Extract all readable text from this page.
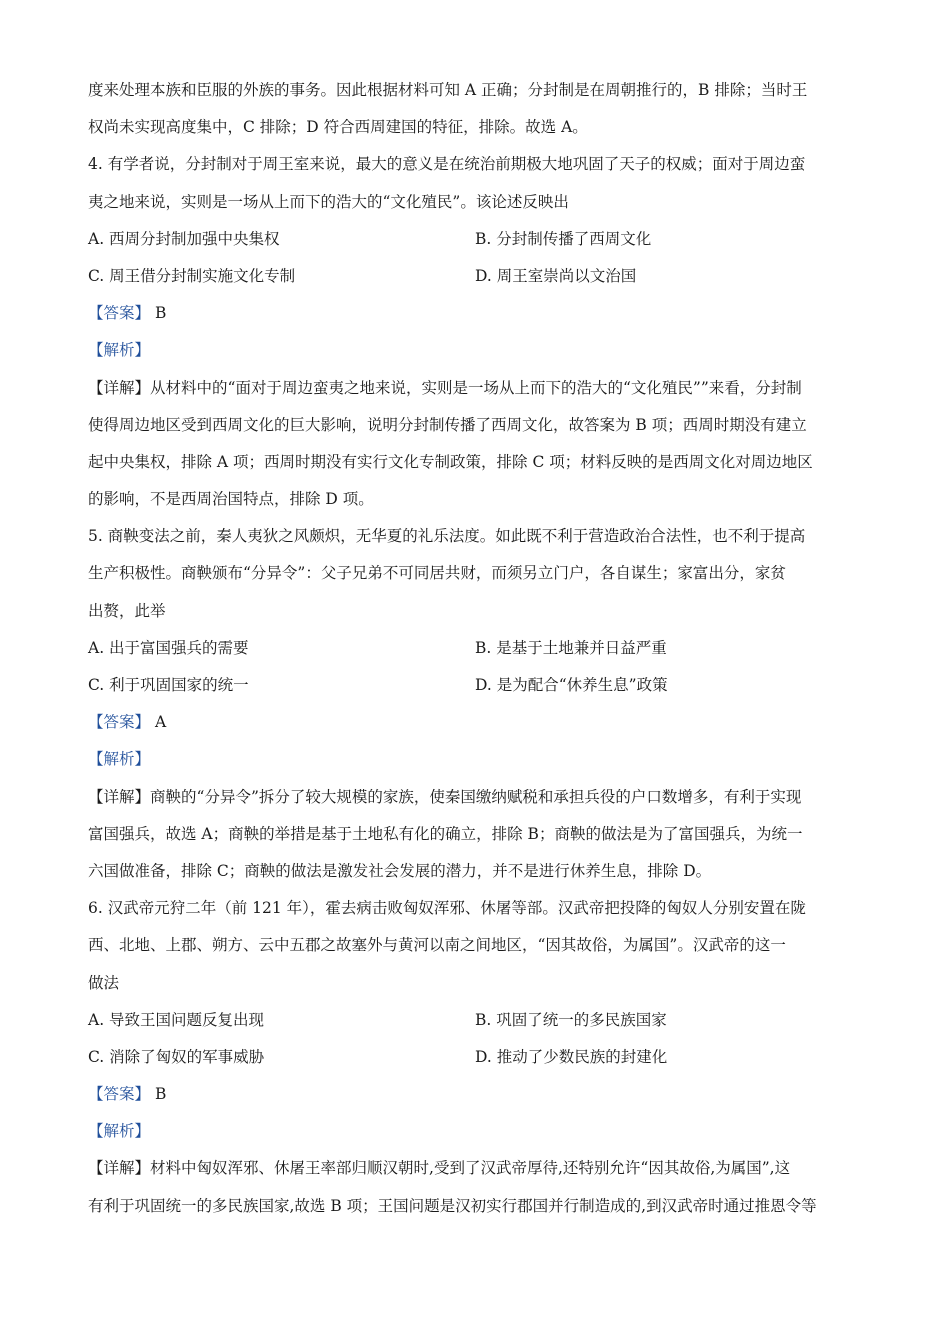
度来处理本族和臣服的外族的事务。因此根据材料可知 A 正确；分封制是在周朝推行的，B 排除；当时王
权尚未实现高度集中，C 排除；D 符合西周建国的特征，排除。故选 A。
4. 有学者说，分封制对于周王室来说，最大的意义是在统治前期极大地巩固了天子的权威；面对于周边蛮
夷之地来说，实则是一场从上而下的浩大的“文化殖民”。该论述反映出
A. 西周分封制加强中央集权	B. 分封制传播了西周文化
C. 周王借分封制实施文化专制	D. 周王室崇尚以文治国
【答案】 B
【解析】
【详解】从材料中的“面对于周边蛮夷之地来说，实则是一场从上而下的浩大的“文化殖民””来看，分封制
使得周边地区受到西周文化的巨大影响，说明分封制传播了西周文化，故答案为 B 项；西周时期没有建立
起中央集权，排除 A 项；西周时期没有实行文化专制政策，排除 C 项；材料反映的是西周文化对周边地区
的影响，不是西周治国特点，排除 D 项。
5. 商鞅变法之前，秦人夷狄之风颇炽，无华夏的礼乐法度。如此既不利于营造政治合法性，也不利于提高
生产积极性。商鞅颁布“分异令”：父子兄弟不可同居共财，而须另立门户，各自谋生；家富出分，家贫
出赘，此举
A. 出于富国强兵的需要	B. 是基于土地兼并日益严重
C. 利于巩固国家的统一	D. 是为配合“休养生息”政策
【答案】 A
【解析】
【详解】商鞅的“分异令”拆分了较大规模的家族，使秦国缴纳赋税和承担兵役的户口数增多，有利于实现
富国强兵，故选 A；商鞅的举措是基于土地私有化的确立，排除 B；商鞅的做法是为了富国强兵，为统一
六国做准备，排除 C；商鞅的做法是激发社会发展的潜力，并不是进行休养生息，排除 D。
6. 汉武帝元狩二年（前 121 年），霍去病击败匈奴浑邪、休屠等部。汉武帝把投降的匈奴人分别安置在陇
西、北地、上郡、朔方、云中五郡之故塞外与黄河以南之间地区，“因其故俗，为属国”。汉武帝的这一
做法
A. 导致王国问题反复出现	B. 巩固了统一的多民族国家
C. 消除了匈奴的军事威胁	D. 推动了少数民族的封建化
【答案】 B
【解析】
【详解】材料中匈奴浑邪、休屠王率部归顺汉朝时,受到了汉武帝厚待,还特别允许“因其故俗,为属国”,这
有利于巩固统一的多民族国家,故选 B 项；王国问题是汉初实行郡国并行制造成的,到汉武帝时通过推恩令等
